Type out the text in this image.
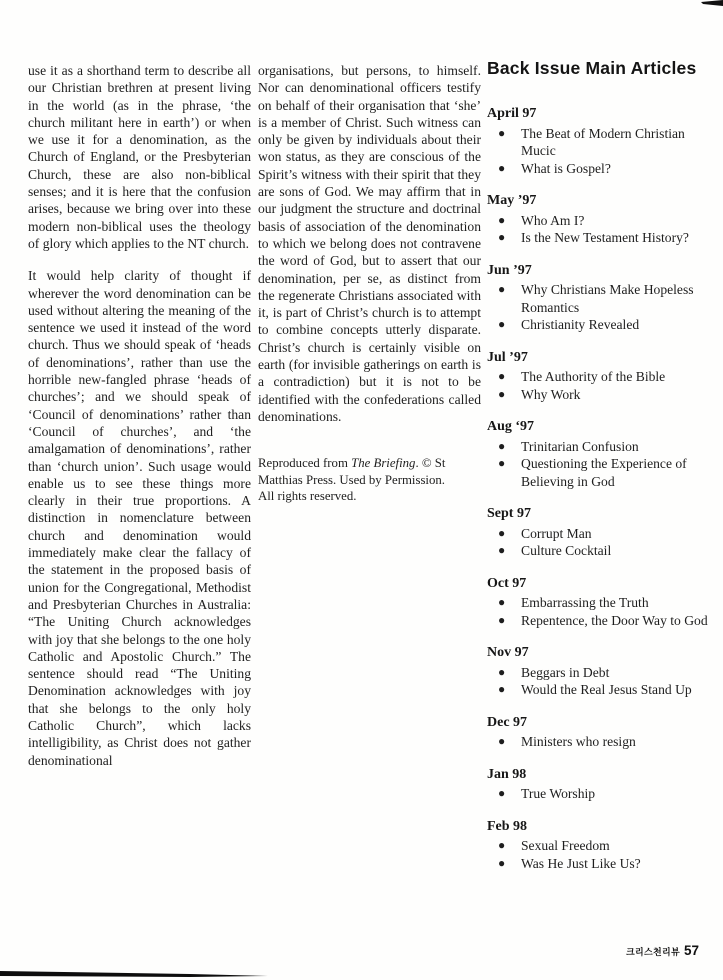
use it as a shorthand term to describe all our Christian brethren at present living in the world (as in the phrase, ‘the church militant here in earth’) or when we use it for a denomination, as the Church of England, or the Presbyterian Church, these are also non-biblical senses; and it is here that the confusion arises, because we bring over into these modern non-biblical uses the theology of glory which applies to the NT church.

It would help clarity of thought if wherever the word denomination can be used without altering the meaning of the sentence we used it instead of the word church. Thus we should speak of ‘heads of denominations’, rather than use the horrible new-fangled phrase ‘heads of churches’; and we should speak of ‘Council of denominations’ rather than ‘Council of churches’, and ‘the amalgamation of denominations’, rather than ‘church union’. Such usage would enable us to see these things more clearly in their true proportions. A distinction in nomenclature between church and denomination would immediately make clear the fallacy of the statement in the proposed basis of union for the Congregational, Methodist and Presbyterian Churches in Australia: “The Uniting Church acknowledges with joy that she belongs to the one holy Catholic and Apostolic Church.” The sentence should read “The Uniting Denomination acknowledges with joy that she belongs to the only holy Catholic Church”, which lacks intelligibility, as Christ does not gather denominational

organisations, but persons, to himself. Nor can denominational officers testify on behalf of their organisation that ‘she’ is a member of Christ. Such witness can only be given by individuals about their won status, as they are conscious of the Spirit’s witness with their spirit that they are sons of God. We may affirm that in our judgment the structure and doctrinal basis of association of the denomination to which we belong does not contravene the word of God, but to assert that our denomination, per se, as distinct from the regenerate Christians associated with it, is part of Christ’s church is to attempt to combine concepts utterly disparate. Christ’s church is certainly visible on earth (for invisible gatherings on earth is a contradiction) but it is not to be identified with the confederations called denominations.

Reproduced from The Briefing. © St Matthias Press. Used by Permission. All rights reserved.
Back Issue Main Articles
April 97
●	The Beat of Modern Christian Mucic
●	What is Gospel?
May ’97
●	Who Am I?
●	Is the New Testament History?
Jun ’97
●	Why Christians Make Hopeless Romantics
●	Christianity Revealed
Jul ’97
●	The Authority of the Bible
●	Why Work
Aug ‘97
●	Trinitarian Confusion
●	Questioning the Experience of Believing in God
Sept 97
●	Corrupt Man
●	Culture Cocktail
Oct 97
●	Embarrassing the Truth
●	Repentence, the Door Way to God
Nov 97
●	Beggars in Debt
●	Would the Real Jesus Stand Up
Dec 97
●	Ministers who resign
Jan 98
●	True Worship
Feb 98
●	Sexual Freedom
●	Was He Just Like Us?
크리스천리뷰 57
